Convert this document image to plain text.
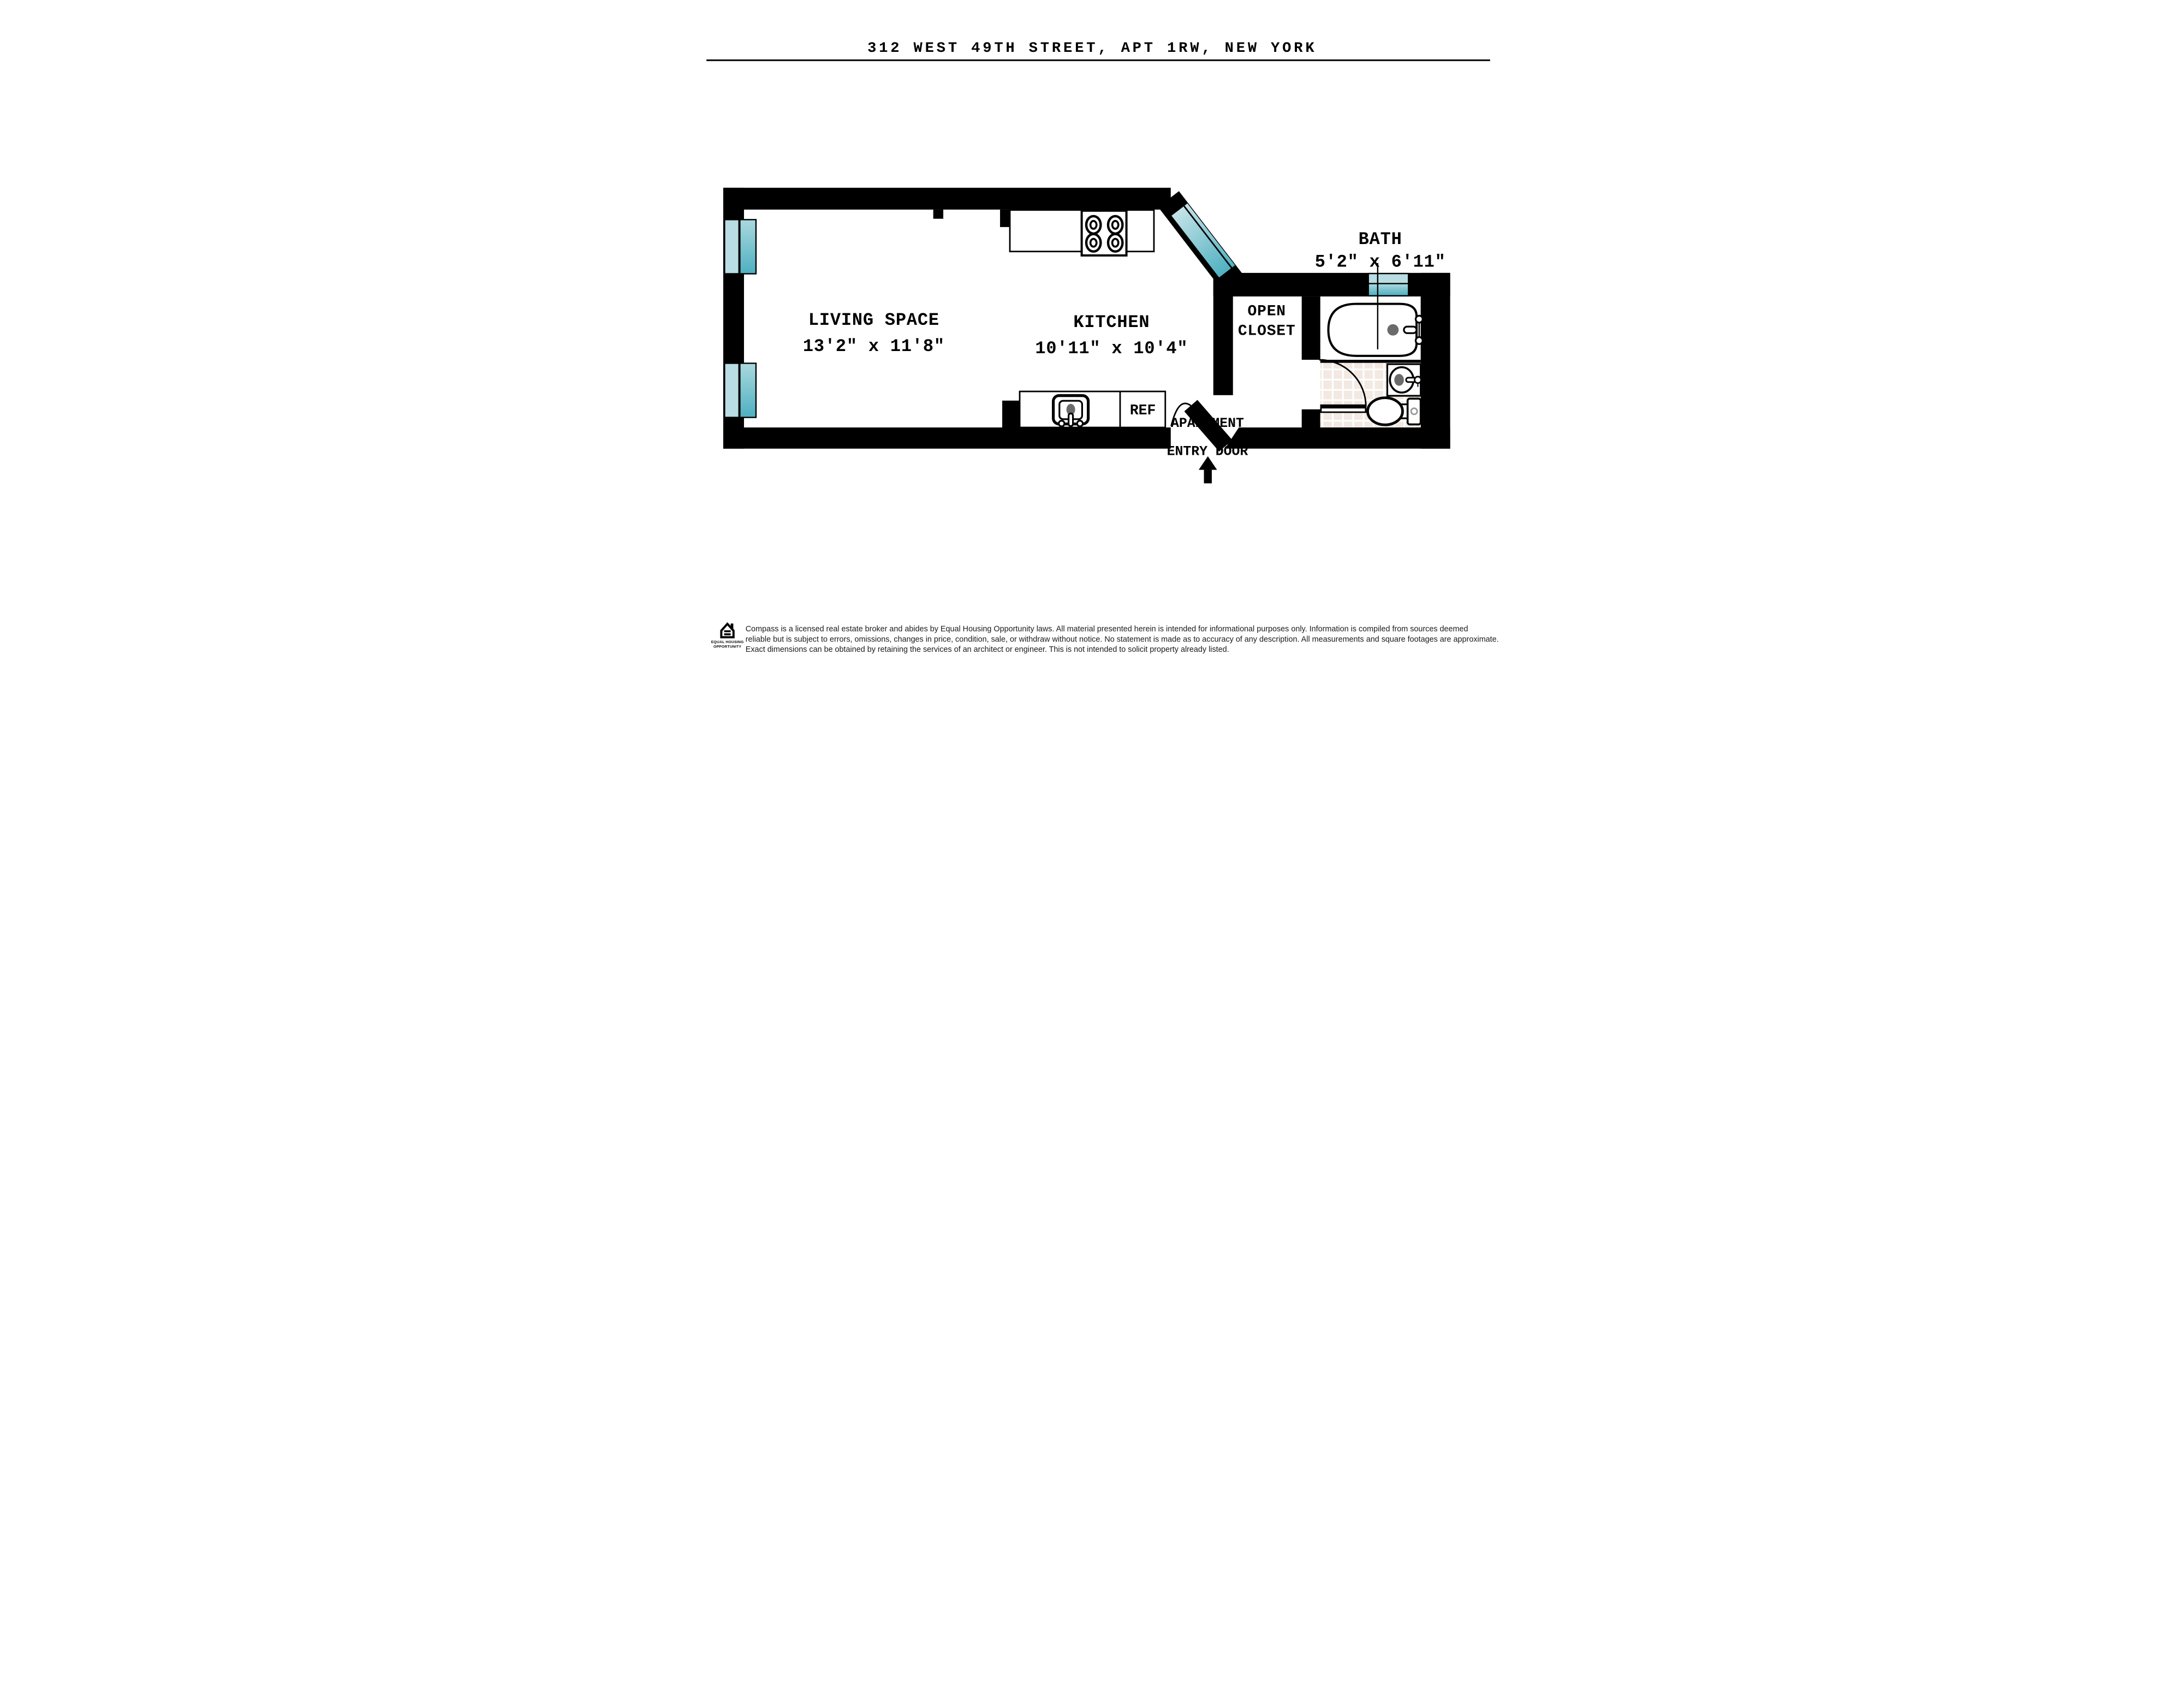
312 WEST 49TH STREET, APT 1RW, NEW YORK
LIVING SPACE
13'2" x 11'8"
KITCHEN
10'11" x 10'4"
BATH
5'2" x 6'11"
OPEN
CLOSET
REF
APARTMENT
ENTRY DOOR
EQUAL HOUSING
OPPORTUNITY
Compass is a licensed real estate broker and abides by Equal Housing Opportunity laws. All material presented herein is intended for informational purposes only. Information is compiled from sources deemed
reliable but is subject to errors, omissions, changes in price, condition, sale, or withdraw without notice. No statement is made as to accuracy of any description. All measurements and square footages are approximate.
Exact dimensions can be obtained by retaining the services of an architect or engineer. This is not intended to solicit property already listed.
